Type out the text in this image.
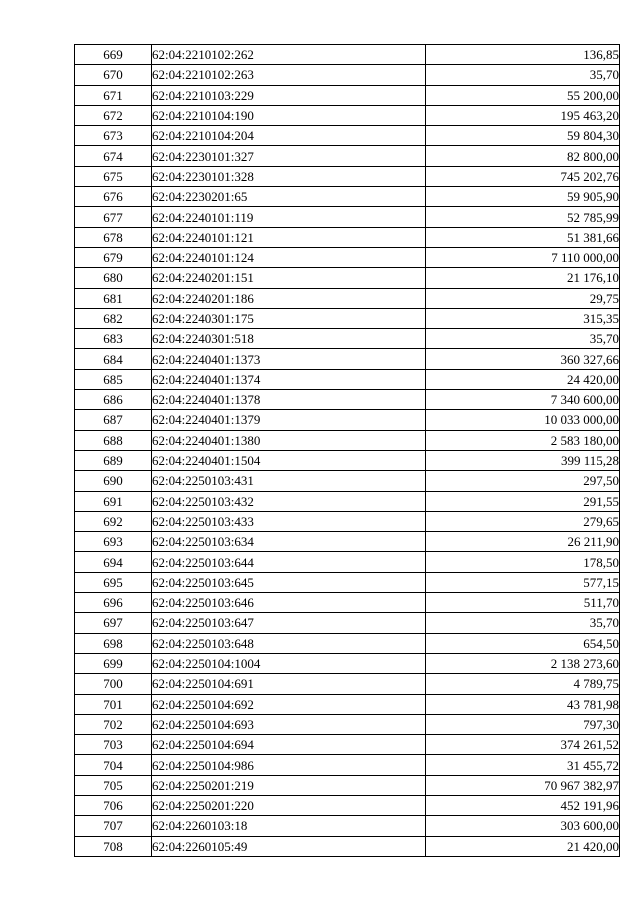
669	62:04:2210102:262	136,85
670	62:04:2210102:263	35,70
671	62:04:2210103:229	55 200,00
672	62:04:2210104:190	195 463,20
673	62:04:2210104:204	59 804,30
674	62:04:2230101:327	82 800,00
675	62:04:2230101:328	745 202,76
676	62:04:2230201:65	59 905,90
677	62:04:2240101:119	52 785,99
678	62:04:2240101:121	51 381,66
679	62:04:2240101:124	7 110 000,00
680	62:04:2240201:151	21 176,10
681	62:04:2240201:186	29,75
682	62:04:2240301:175	315,35
683	62:04:2240301:518	35,70
684	62:04:2240401:1373	360 327,66
685	62:04:2240401:1374	24 420,00
686	62:04:2240401:1378	7 340 600,00
687	62:04:2240401:1379	10 033 000,00
688	62:04:2240401:1380	2 583 180,00
689	62:04:2240401:1504	399 115,28
690	62:04:2250103:431	297,50
691	62:04:2250103:432	291,55
692	62:04:2250103:433	279,65
693	62:04:2250103:634	26 211,90
694	62:04:2250103:644	178,50
695	62:04:2250103:645	577,15
696	62:04:2250103:646	511,70
697	62:04:2250103:647	35,70
698	62:04:2250103:648	654,50
699	62:04:2250104:1004	2 138 273,60
700	62:04:2250104:691	4 789,75
701	62:04:2250104:692	43 781,98
702	62:04:2250104:693	797,30
703	62:04:2250104:694	374 261,52
704	62:04:2250104:986	31 455,72
705	62:04:2250201:219	70 967 382,97
706	62:04:2250201:220	452 191,96
707	62:04:2260103:18	303 600,00
708	62:04:2260105:49	21 420,00
